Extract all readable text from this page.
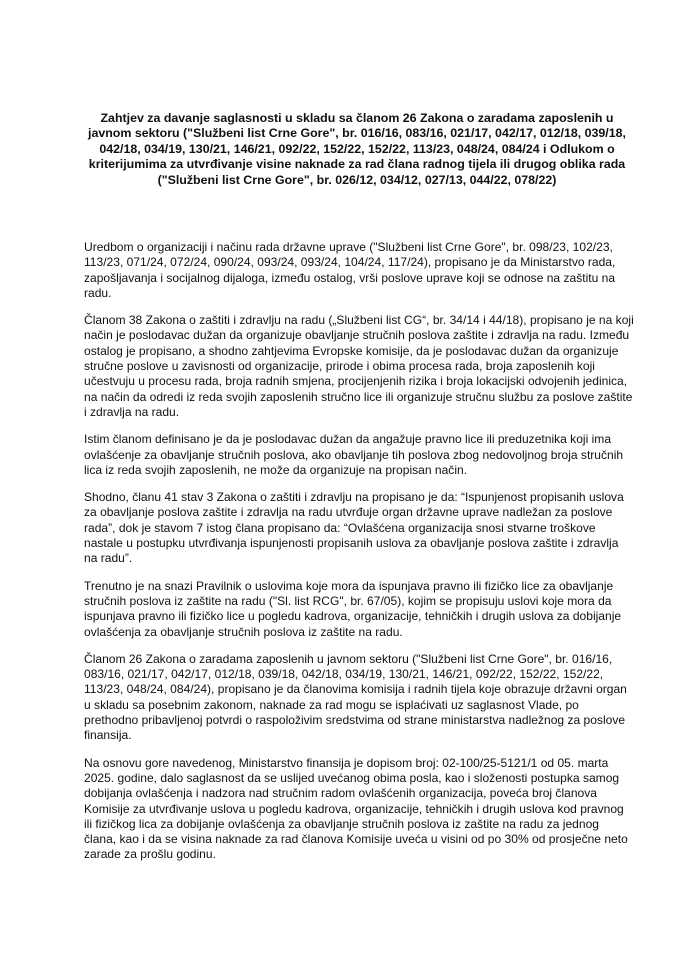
Zahtjev za davanje saglasnosti u skladu sa članom 26 Zakona o zaradama zaposlenih u javnom sektoru ("Službeni list Crne Gore", br. 016/16, 083/16, 021/17, 042/17, 012/18, 039/18, 042/18, 034/19, 130/21, 146/21, 092/22, 152/22, 152/22, 113/23, 048/24, 084/24 i Odlukom o kriterijumima za utvrđivanje visine naknade za rad člana radnog tijela ili drugog oblika rada ("Službeni list Crne Gore", br. 026/12, 034/12, 027/13, 044/22, 078/22)

Uredbom o organizaciji i načinu rada državne uprave ("Službeni list Crne Gore", br. 098/23, 102/23, 113/23, 071/24, 072/24, 090/24, 093/24, 093/24, 104/24, 117/24), propisano je da Ministarstvo rada, zapošljavanja i socijalnog dijaloga, između ostalog, vrši poslove uprave koji se odnose na zaštitu na radu.

Članom 38 Zakona o zaštiti i zdravlju na radu („Službeni list CG“, br. 34/14 i 44/18), propisano je na koji način je poslodavac dužan da organizuje obavljanje stručnih poslova zaštite i zdravlja na radu. Između ostalog je propisano, a shodno zahtjevima Evropske komisije, da je poslodavac dužan da organizuje stručne poslove u zavisnosti od organizacije, prirode i obima procesa rada, broja zaposlenih koji učestvuju u procesu rada, broja radnih smjena, procijenjenih rizika i broja lokacijski odvojenih jedinica, na način da odredi iz reda svojih zaposlenih stručno lice ili organizuje stručnu službu za poslove zaštite i zdravlja na radu.

Istim članom definisano je da je poslodavac dužan da angažuje pravno lice ili preduzetnika koji ima ovlašćenje za obavljanje stručnih poslova, ako obavljanje tih poslova zbog nedovoljnog broja stručnih lica iz reda svojih zaposlenih, ne može da organizuje na propisan način.

Shodno, članu 41 stav 3 Zakona o zaštiti i zdravlju na propisano je da: “Ispunjenost propisanih uslova za obavljanje poslova zaštite i zdravlja na radu utvrđuje organ državne uprave nadležan za poslove rada”, dok je stavom 7 istog člana propisano da: “Ovlašćena organizacija snosi stvarne troškove nastale u postupku utvrđivanja ispunjenosti propisanih uslova za obavljanje poslova zaštite i zdravlja na radu”.

Trenutno je na snazi Pravilnik o uslovima koje mora da ispunjava pravno ili fizičko lice za obavljanje stručnih poslova iz zaštite na radu ("Sl. list RCG", br. 67/05), kojim se propisuju uslovi koje mora da ispunjava pravno ili fizičko lice u pogledu kadrova, organizacije, tehničkih i drugih uslova za dobijanje ovlašćenja za obavljanje stručnih poslova iz zaštite na radu.

Članom 26 Zakona o zaradama zaposlenih u javnom sektoru ("Službeni list Crne Gore", br. 016/16, 083/16, 021/17, 042/17, 012/18, 039/18, 042/18, 034/19, 130/21, 146/21, 092/22, 152/22, 152/22, 113/23, 048/24, 084/24), propisano je da članovima komisija i radnih tijela koje obrazuje državni organ u skladu sa posebnim zakonom, naknade za rad mogu se isplaćivati uz saglasnost Vlade, po prethodno pribavljenoj potvrdi o raspoloživim sredstvima od strane ministarstva nadležnog za poslove finansija.

Na osnovu gore navedenog, Ministarstvo finansija je dopisom broj: 02-100/25-5121/1 od 05. marta 2025. godine, dalo saglasnost da se uslijed uvećanog obima posla, kao i složenosti postupka samog dobijanja ovlašćenja i nadzora nad stručnim radom ovlašćenih organizacija, poveća broj članova Komisije za utvrđivanje uslova u pogledu kadrova, organizacije, tehničkih i drugih uslova kod pravnog ili fizičkog lica za dobijanje ovlašćenja za obavljanje stručnih poslova iz zaštite na radu za jednog člana, kao i da se visina naknade za rad članova Komisije uveća u visini od po 30% od prosječne neto zarade za prošlu godinu.
